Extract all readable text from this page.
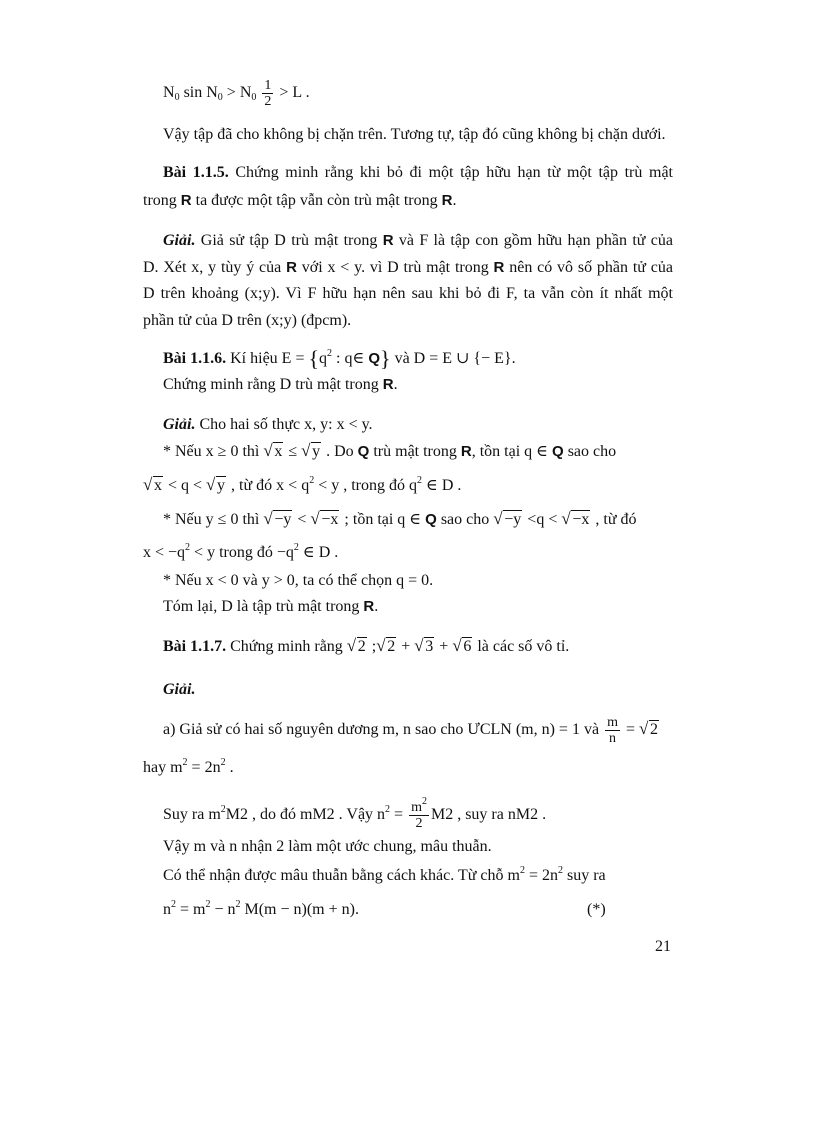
$N_0$ $\sin N_0 > N_0 \frac{1}{2} > L$ .
Vậy tập đã cho không bị chặn trên. Tương tự, tập đó cũng không bị chặn dưới.
Bài 1.1.5. Chứng minh rằng khi bỏ đi một tập hữu hạn từ một tập trù mật
trong R ta được một tập vẫn còn trù mật trong R.
Giải. Giả sử tập D trù mật trong R và F là tập con gồm hữu hạn phần tử của
D. Xét x, y tùy ý của R với x < y. vì D trù mật trong R nên có vô số phần tử của
D trên khoảng (x;y). Vì F hữu hạn nên sau khi bỏ đi F, ta vẫn còn ít nhất một
phần tử của D trên (x;y) (đpcm).
Bài 1.1.6. Kí hiệu $E = \{q^2$ : q∈ Q} và D = E ∪ {− E}.
Chứng minh rằng D trù mật trong R.
Giải. Cho hai số thực x, y: x < y.
* Nếu x ≥ 0 thì √ x ≤ √ y . Do Q trù mật trong R, tồn tại q ∈ Q sao cho
√ x < q < √ y , từ đó $x < q^2 < y$ , trong đó $q^2$ ∈ D .
* Nếu y ≤ 0 thì √ −y < √ −x ; tồn tại q ∈ Q sao cho √ −y <q < √ −x , từ đó
$x < -q^2 < y$ trong đó $-q^2$ ∈ D .
* Nếu x < 0 và y > 0, ta có thể chọn q = 0.
Tóm lại, D là tập trù mật trong R.
Bài 1.1.7. Chứng minh rằng √ 2 ;√ 2 + √ 3 + √ 6 là các số vô tỉ.
Giải.
a) Giả sử có hai số nguyên dương m, n sao cho ƯCLN (m, n) = 1 và $\frac{m}{n}$ = √ 2
hay $m^2 = 2n^2$ .
Suy ra $m^2M2$ , do đó mM2 . Vậy $n^2 = \frac{m^2}{2} M2$ , suy ra nM2 .
Vậy m và n nhận 2 làm một ước chung, mâu thuẫn.
Có thể nhận được mâu thuẫn bằng cách khác. Từ chỗ $m^2 = 2n^2$ suy ra
$n^2 = m^2 - n^2$ M(m − n)(m + n).	(*)
21
